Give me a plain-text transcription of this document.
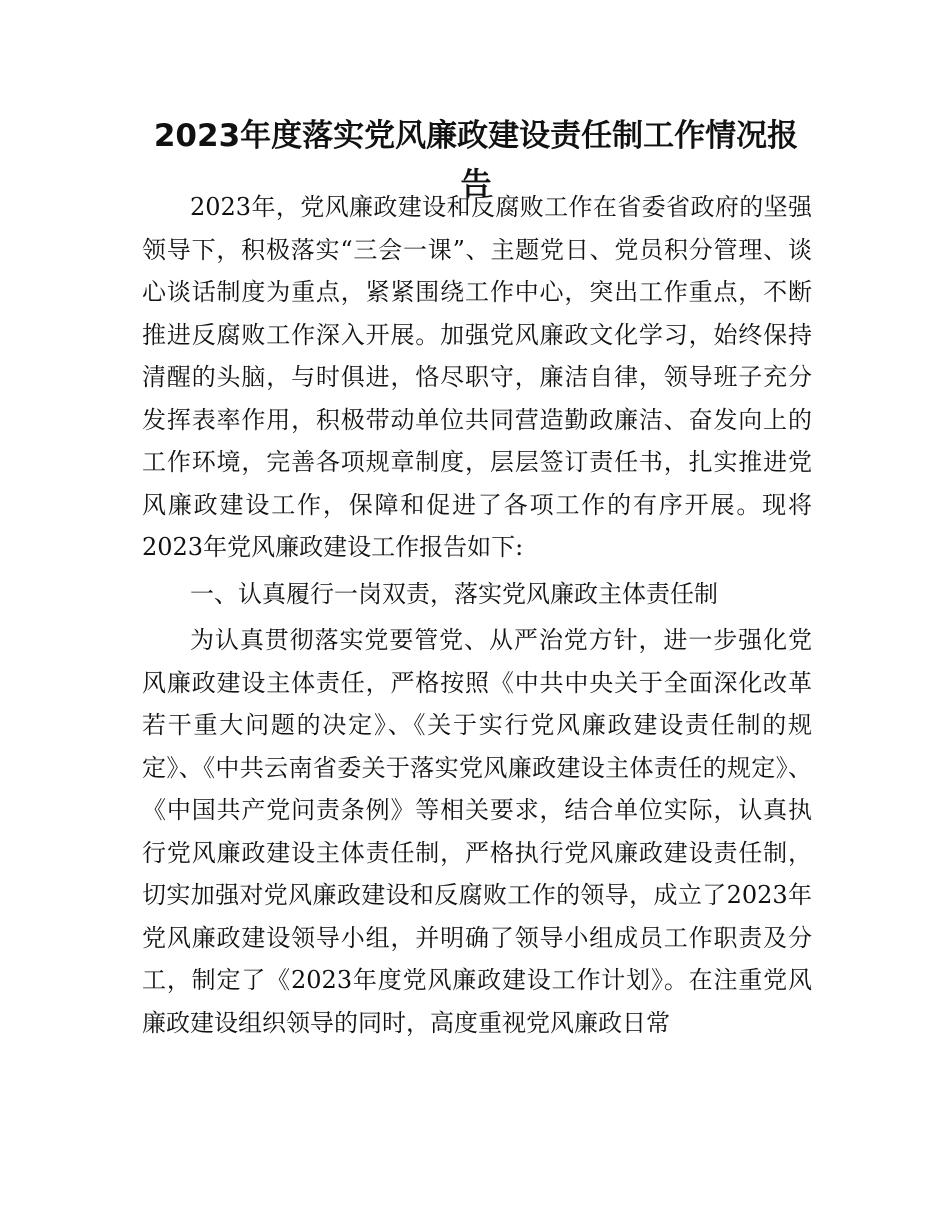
2023年度落实党风廉政建设责任制工作情况报告

2023年，党风廉政建设和反腐败工作在省委省政府的坚强领导下，积极落实“三会一课”、主题党日、党员积分管理、谈心谈话制度为重点，紧紧围绕工作中心，突出工作重点，不断推进反腐败工作深入开展。加强党风廉政文化学习，始终保持清醒的头脑，与时俱进，恪尽职守，廉洁自律，领导班子充分发挥表率作用，积极带动单位共同营造勤政廉洁、奋发向上的工作环境，完善各项规章制度，层层签订责任书，扎实推进党风廉政建设工作，保障和促进了各项工作的有序开展。现将2023年党风廉政建设工作报告如下:

一、认真履行一岗双责，落实党风廉政主体责任制

为认真贯彻落实党要管党、从严治党方针，进一步强化党风廉政建设主体责任，严格按照《中共中央关于全面深化改革若干重大问题的决定》、《关于实行党风廉政建设责任制的规定》、《中共云南省委关于落实党风廉政建设主体责任的规定》、《中国共产党问责条例》等相关要求，结合单位实际，认真执行党风廉政建设主体责任制，严格执行党风廉政建设责任制，切实加强对党风廉政建设和反腐败工作的领导，成立了2023年党风廉政建设领导小组，并明确了领导小组成员工作职责及分工，制定了《2023年度党风廉政建设工作计划》。在注重党风廉政建设组织领导的同时，高度重视党风廉政日常
